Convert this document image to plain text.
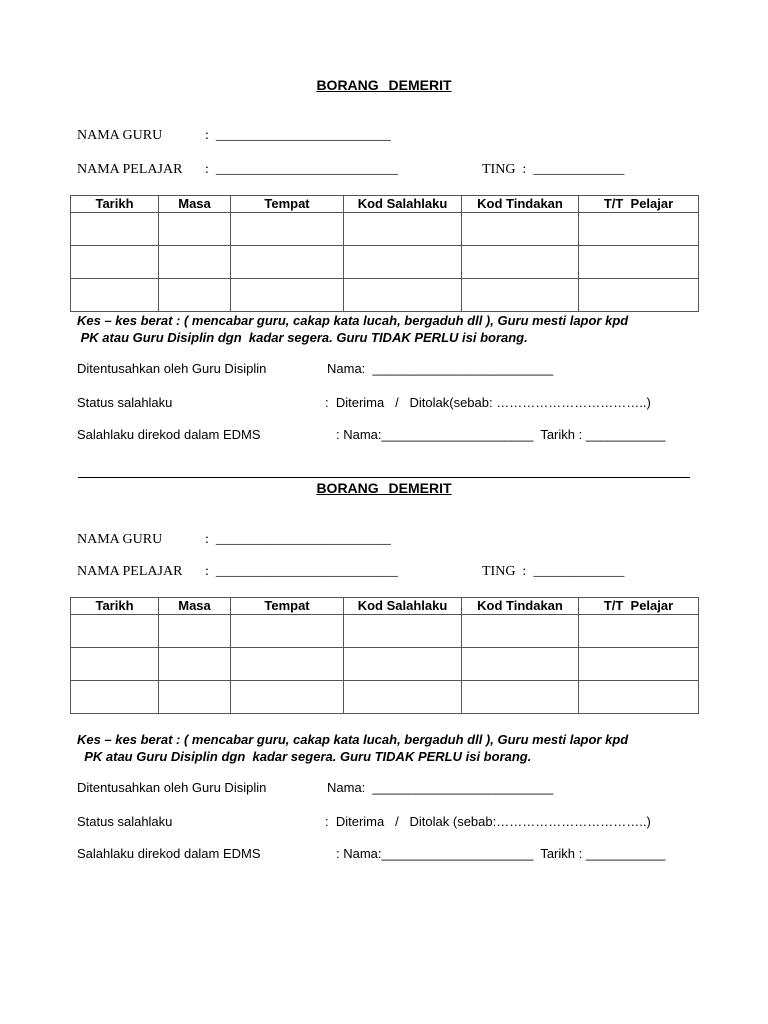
BORANG DEMERIT
NAMA GURU	:  _________________________
NAMA PELAJAR :  __________________________	TING  :  _____________
Tarikh	Masa	Tempat	Kod Salahlaku	Kod Tindakan	T/T  Pelajar

Kes – kes berat : ( mencabar guru, cakap kata lucah, bergaduh dll ), Guru mesti lapor kpd
PK atau Guru Disiplin dgn  kadar segera. Guru TIDAK PERLU isi borang.
Ditentusahkan oleh Guru Disiplin	Nama:  _________________________
Status salahlaku	:  Diterima   /   Ditolak(sebab: ……………………………..)
Salahlaku direkod dalam EDMS	: Nama:_____________________  Tarikh : ___________
BORANG DEMERIT
NAMA GURU	:  _________________________
NAMA PELAJAR :  __________________________	TING  :  _____________
Tarikh	Masa	Tempat	Kod Salahlaku	Kod Tindakan	T/T  Pelajar

Kes – kes berat : ( mencabar guru, cakap kata lucah, bergaduh dll ), Guru mesti lapor kpd
PK atau Guru Disiplin dgn  kadar segera. Guru TIDAK PERLU isi borang.
Ditentusahkan oleh Guru Disiplin	Nama:  _________________________
Status salahlaku	:  Diterima   /   Ditolak (sebab:……………………………..)
Salahlaku direkod dalam EDMS	: Nama:_____________________  Tarikh : ___________
